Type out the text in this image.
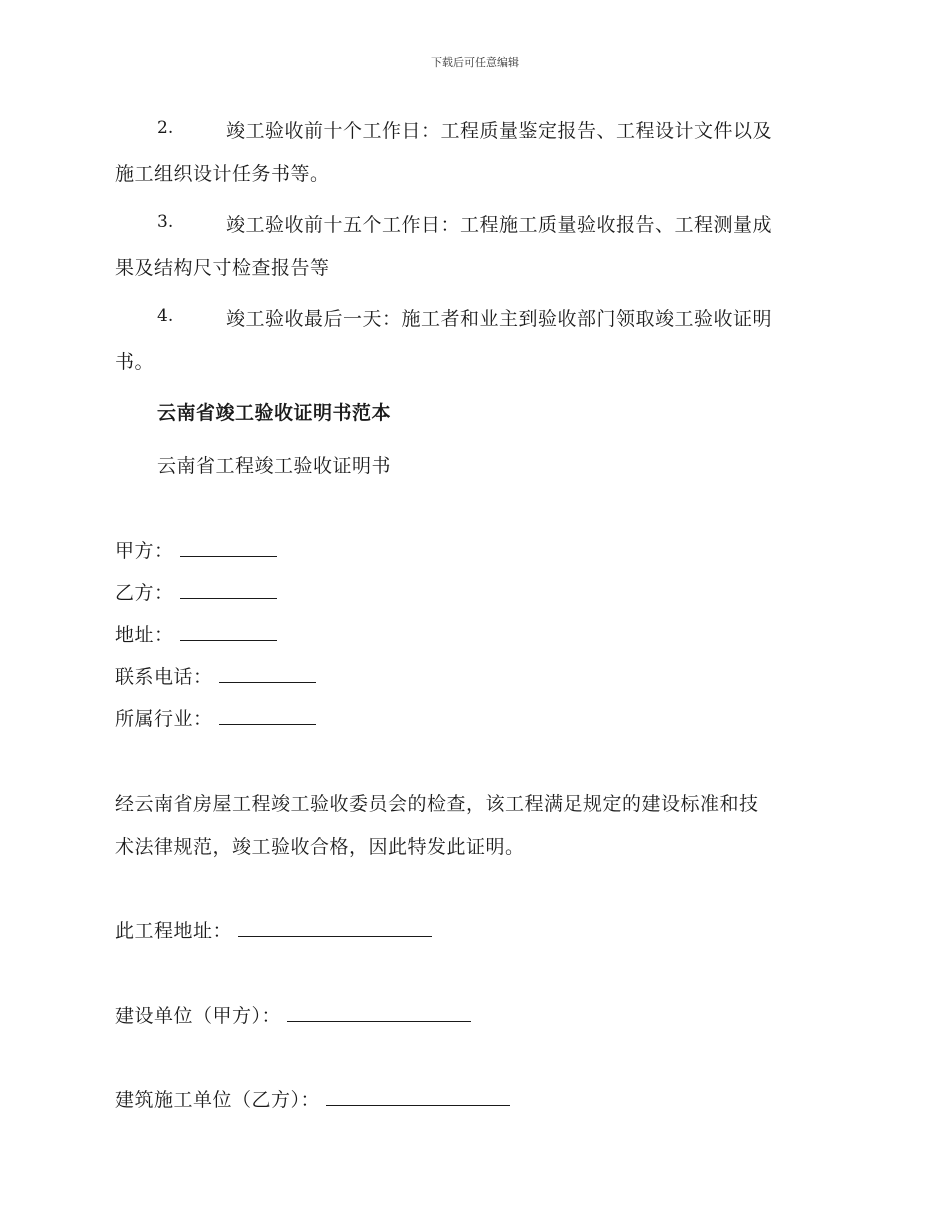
下载后可任意编辑
2.	竣工验收前十个工作日：工程质量鉴定报告、工程设计文件以及
施工组织设计任务书等。
3.	竣工验收前十五个工作日：工程施工质量验收报告、工程测量成
果及结构尺寸检查报告等
4.	竣工验收最后一天：施工者和业主到验收部门领取竣工验收证明
书。
云南省竣工验收证明书范本
云南省工程竣工验收证明书
甲方：
乙方：
地址：
联系电话：
所属行业：
经云南省房屋工程竣工验收委员会的检查，该工程满足规定的建设标准和技
术法律规范，竣工验收合格，因此特发此证明。
此工程地址：
建设单位（甲方）：
建筑施工单位（乙方）：
